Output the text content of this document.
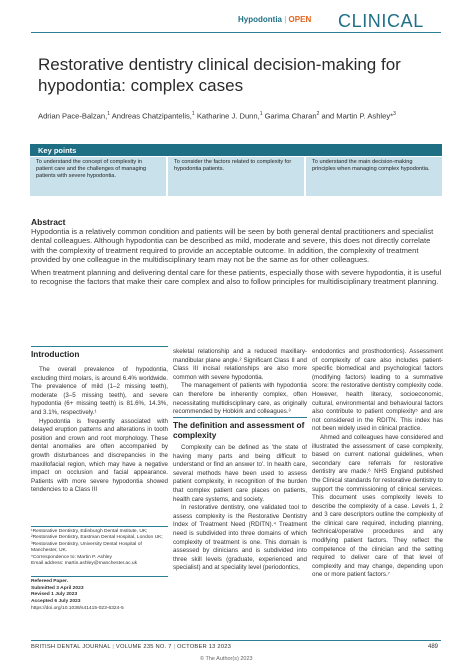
Hypodontia | OPEN CLINICAL
Restorative dentistry clinical decision-making for hypodontia: complex cases
Adrian Pace-Balzan,$^1$ Andreas Chatzipantelis,$^1$ Katharine J. Dunn,$^1$ Garima Charan$^2$ and Martin P. Ashley*$^3$
Key points
To understand the concept of complexity in patient care and the challenges of managing patients with severe hypodontia.
To consider the factors related to complexity for hypodontia patients.
To understand the main decision-making principles when managing complex hypodontia.
Abstract

Hypodontia is a relatively common condition and patients will be seen by both general dental practitioners and specialist dental colleagues. Although hypodontia can be described as mild, moderate and severe, this does not directly correlate with the complexity of treatment required to provide an acceptable outcome. In addition, the complexity of treatment provided by one colleague in the multidisciplinary team may not be the same as for other colleagues.

When treatment planning and delivering dental care for these patients, especially those with severe hypodontia, it is useful to recognise the factors that make their care complex and also to follow principles for multidisciplinary treatment planning.

Introduction

The overall prevalence of hypodontia, excluding third molars, is around 6.4% worldwide. The prevalence of mild (1–2 missing teeth), moderate (3–5 missing teeth), and severe hypodontia (6+ missing teeth) is 81.6%, 14.3%, and 3.1%, respectively.¹

Hypodontia is frequently associated with delayed eruption patterns and alterations in tooth position and crown and root morphology. These dental anomalies are often accompanied by growth disturbances and discrepancies in the maxillofacial region, which may have a negative impact on occlusion and facial appearance. Patients with more severe hypodontia showed tendencies to a Class III

¹Restorative Dentistry, Edinburgh Dental Institute, UK;

²Restorative Dentistry, Eastman Dental Hospital, London UK; ³Restorative Dentistry, University Dental Hospital of Manchester, UK.

*Correspondence to: Martin P. Ashley

Email address: martin.ashley@manchester.ac.uk

Refereed Paper.

Submitted 3 April 2023

Revised 1 July 2023

Accepted 6 July 2023

https://doi.org/10.1038/s41415-023-6324-5

skeletal relationship and a reduced maxillary-mandibular plane angle.² Significant Class II and Class III incisal relationships are also more common with severe hypodontia.

The management of patients with hypodontia can therefore be inherently complex, often necessitating multidisciplinary care, as originally recommended by Hobkirk and colleagues.³

The definition and assessment of complexity

Complexity can be defined as 'the state of having many parts and being difficult to understand or find an answer to'. In health care, several methods have been used to assess patient complexity, in recognition of the burden that complex patient care places on patients, health care systems, and society.

In restorative dentistry, one validated tool to assess complexity is the Restorative Dentistry Index of Treatment Need (RDITN).⁴ Treatment need is subdivided into three domains of which complexity of treatment is one. This domain is assessed by clinicians and is subdivided into three skill levels (graduate, experienced and specialist) and at speciality level (periodontics,

endodontics and prosthodontics). Assessment of complexity of care also includes patient-specific biomedical and psychological factors (modifying factors) leading to a summative score: the restorative dentistry complexity code. However, health literacy, socioeconomic, cultural, environmental and behavioural factors also contribute to patient complexity⁵ and are not considered in the RDITN. This index has not been widely used in clinical practice.

Ahmed and colleagues have considered and illustrated the assessment of case complexity, based on current national guidelines, when secondary care referrals for restorative dentistry are made.⁶ NHS England published the Clinical standards for restorative dentistry to support the commissioning of clinical services. This document uses complexity levels to describe the complexity of a case. Levels 1, 2 and 3 care descriptors outline the complexity of the clinical care required, including planning, technical/operative procedures and any modifying patient factors. They reflect the competence of the clinician and the setting required to deliver care of that level of complexity and may change, depending upon one or more patient factors.⁷

BRITISH DENTAL JOURNAL | VOLUME 235 NO. 7 | OCTOBER 13 2023	489
© The Author(s) 2023
